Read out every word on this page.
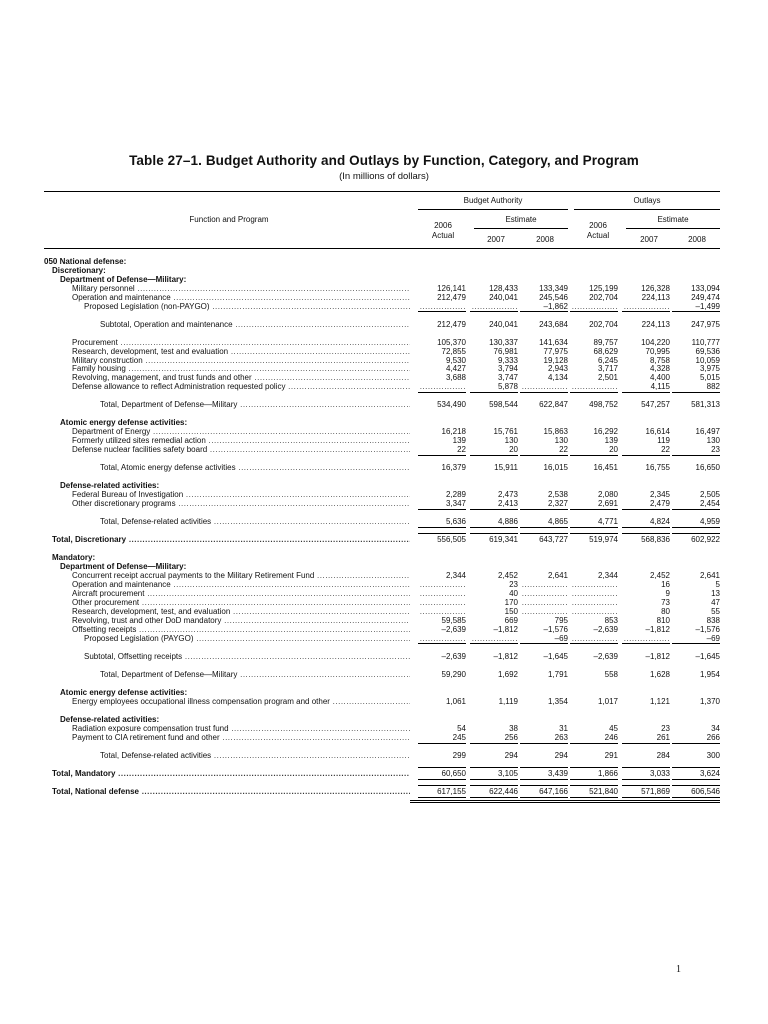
Table 27–1. Budget Authority and Outlays by Function, Category, and Program
(In millions of dollars)
Function and Program
Budget Authority
2006
Actual
Estimate
2007	2008
Outlays
2006
Actual
Estimate
2007	2008
050 National defense:
Discretionary:
Department of Defense—Military:
Military personnel .....	126,141	128,433	133,349	125,199	126,328	133,094
Operation and maintenance .....	212,479	240,041	245,546	202,704	224,113	249,474
Proposed Legislation (non-PAYGO) .....	................. .................	–1,862 ................. .................	–1,499
Subtotal, Operation and maintenance .....	212,479	240,041	243,684	202,704	224,113	247,975
Procurement .....	105,370	130,337	141,634	89,757	104,220	110,777
Research, development, test and evaluation .....	72,855	76,981	77,975	68,629	70,995	69,536
Military construction .....	9,530	9,333	19,128	6,245	8,758	10,059
Family housing .....	4,427	3,794	2,943	3,717	4,328	3,975
Revolving, management, and trust funds and other .....	3,688	3,747	4,134	2,501	4,400	5,015
Defense allowance to reflect Administration requested policy .....	.................	5,878 ................. .................	4,115	882
Total, Department of Defense—Military .....	534,490	598,544	622,847	498,752	547,257	581,313
Atomic energy defense activities:
Department of Energy .....	16,218	15,761	15,863	16,292	16,614	16,497
Formerly utilized sites remedial action .....	139	130	130	139	119	130
Defense nuclear facilities safety board .....	22	20	22	20	22	23
Total, Atomic energy defense activities .....	16,379	15,911	16,015	16,451	16,755	16,650
Defense-related activities:
Federal Bureau of Investigation .....	2,289	2,473	2,538	2,080	2,345	2,505
Other discretionary programs .....	3,347	2,413	2,327	2,691	2,479	2,454
Total, Defense-related activities .....	5,636	4,886	4,865	4,771	4,824	4,959
Total, Discretionary .....	556,505	619,341	643,727	519,974	568,836	602,922
Mandatory:
Department of Defense—Military:
Concurrent receipt accrual payments to the Military Retirement Fund .....	2,344	2,452	2,641	2,344	2,452	2,641
Operation and maintenance .....	.................	23 ................. .................	16	5
Aircraft procurement .....	.................	40 ................. .................	9	13
Other procurement .....	.................	170 ................. .................	73	47
Research, development, test, and evaluation .....	.................	150 ................. .................	80	55
Revolving, trust and other DoD mandatory .....	59,585	669	795	853	810	838
Offsetting receipts .....	–2,639	–1,812	–1,576	–2,639	–1,812	–1,576
Proposed Legislation (PAYGO) .....	................. .................	–69 ................. .................	–69
Subtotal, Offsetting receipts .....	–2,639	–1,812	–1,645	–2,639	–1,812	–1,645
Total, Department of Defense—Military .....	59,290	1,692	1,791	558	1,628	1,954
Atomic energy defense activities:
Energy employees occupational illness compensation program and other .....	1,061	1,119	1,354	1,017	1,121	1,370
Defense-related activities:
Radiation exposure compensation trust fund .....	54	38	31	45	23	34
Payment to CIA retirement fund and other .....	245	256	263	246	261	266
Total, Defense-related activities .....	299	294	294	291	284	300
Total, Mandatory .....	60,650	3,105	3,439	1,866	3,033	3,624
Total, National defense .....	617,155	622,446	647,166	521,840	571,869	606,546
1
